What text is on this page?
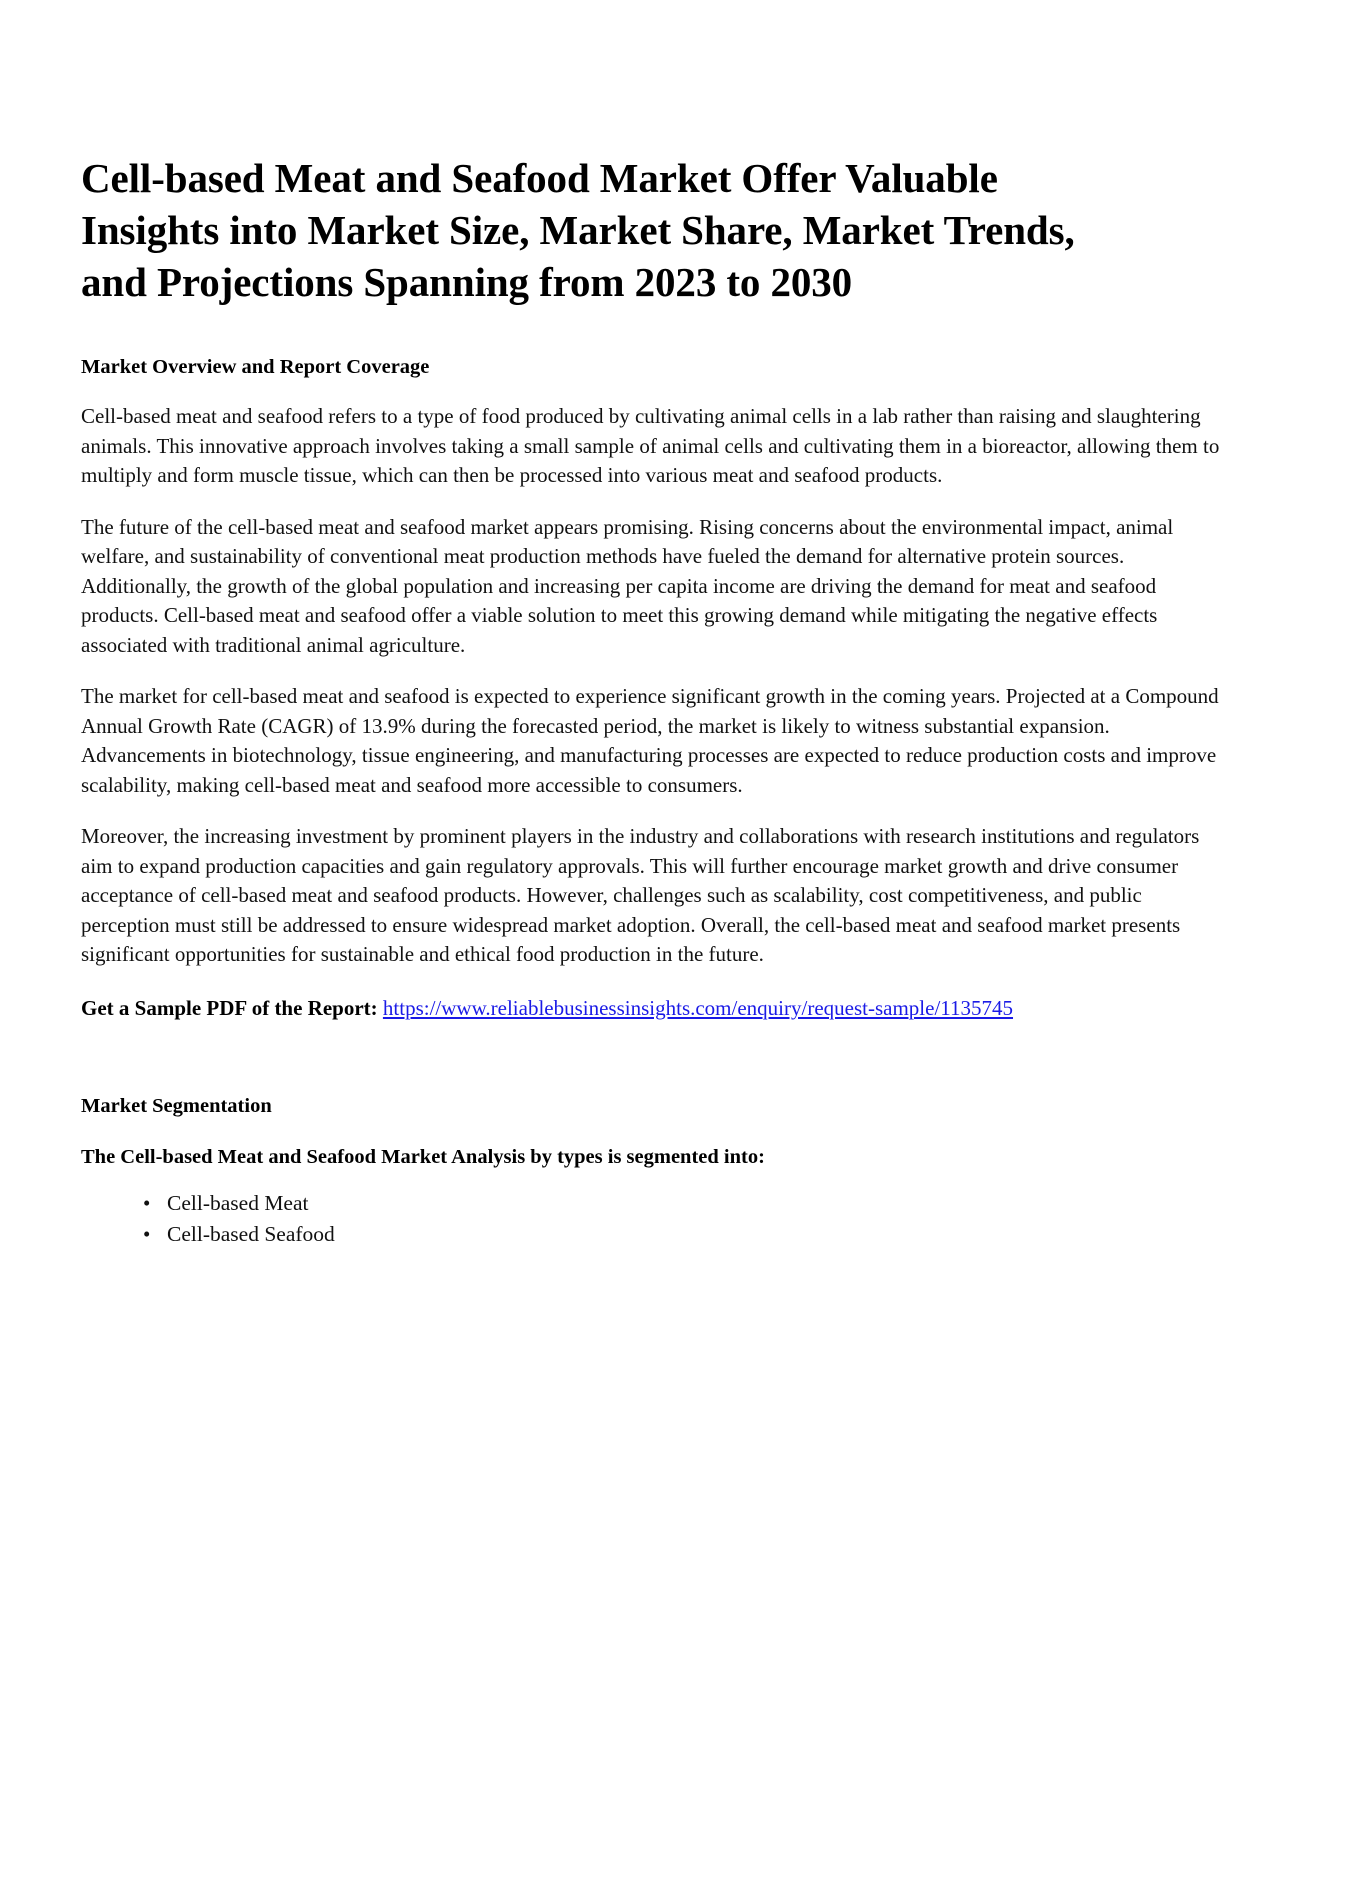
Cell-based Meat and Seafood Market Offer Valuable Insights into Market Size, Market Share, Market Trends, and Projections Spanning from 2023 to 2030
Market Overview and Report Coverage

Cell-based meat and seafood refers to a type of food produced by cultivating animal cells in a lab rather than raising and slaughtering animals. This innovative approach involves taking a small sample of animal cells and cultivating them in a bioreactor, allowing them to multiply and form muscle tissue, which can then be processed into various meat and seafood products.

The future of the cell-based meat and seafood market appears promising. Rising concerns about the environmental impact, animal welfare, and sustainability of conventional meat production methods have fueled the demand for alternative protein sources. Additionally, the growth of the global population and increasing per capita income are driving the demand for meat and seafood products. Cell-based meat and seafood offer a viable solution to meet this growing demand while mitigating the negative effects associated with traditional animal agriculture.

The market for cell-based meat and seafood is expected to experience significant growth in the coming years. Projected at a Compound Annual Growth Rate (CAGR) of 13.9% during the forecasted period, the market is likely to witness substantial expansion. Advancements in biotechnology, tissue engineering, and manufacturing processes are expected to reduce production costs and improve scalability, making cell-based meat and seafood more accessible to consumers.

Moreover, the increasing investment by prominent players in the industry and collaborations with research institutions and regulators aim to expand production capacities and gain regulatory approvals. This will further encourage market growth and drive consumer acceptance of cell-based meat and seafood products. However, challenges such as scalability, cost competitiveness, and public perception must still be addressed to ensure widespread market adoption. Overall, the cell-based meat and seafood market presents significant opportunities for sustainable and ethical food production in the future.

Get a Sample PDF of the Report: https://www.reliablebusinessinsights.com/enquiry/request-sample/1135745
Market Segmentation
The Cell-based Meat and Seafood Market Analysis by types is segmented into:
• Cell-based Meat
• Cell-based Seafood
